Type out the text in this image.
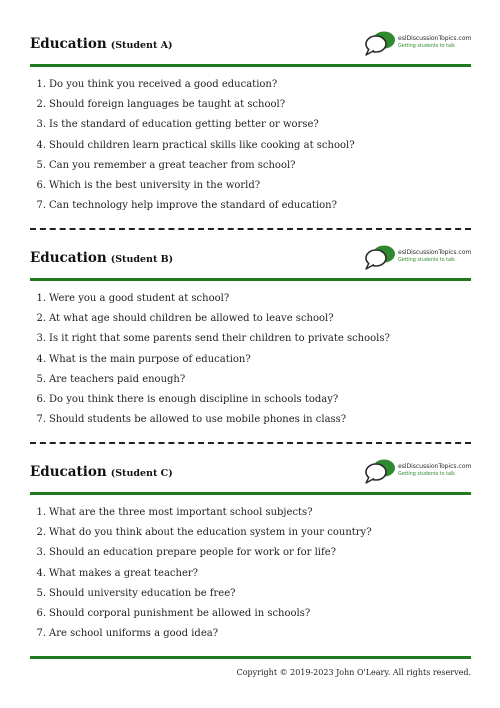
Education (Student A)
eslDiscussionTopics.com
Getting students to talk
1. Do you think you received a good education?
2. Should foreign languages be taught at school?
3. Is the standard of education getting better or worse?
4. Should children learn practical skills like cooking at school?
5. Can you remember a great teacher from school?
6. Which is the best university in the world?
7. Can technology help improve the standard of education?
Education (Student B)
eslDiscussionTopics.com
Getting students to talk
1. Were you a good student at school?
2. At what age should children be allowed to leave school?
3. Is it right that some parents send their children to private schools?
4. What is the main purpose of education?
5. Are teachers paid enough?
6. Do you think there is enough discipline in schools today?
7. Should students be allowed to use mobile phones in class?
Education (Student C)
eslDiscussionTopics.com
Getting students to talk
1. What are the three most important school subjects?
2. What do you think about the education system in your country?
3. Should an education prepare people for work or for life?
4. What makes a great teacher?
5. Should university education be free?
6. Should corporal punishment be allowed in schools?
7. Are school uniforms a good idea?
Copyright © 2019-2023 John O'Leary. All rights reserved.
